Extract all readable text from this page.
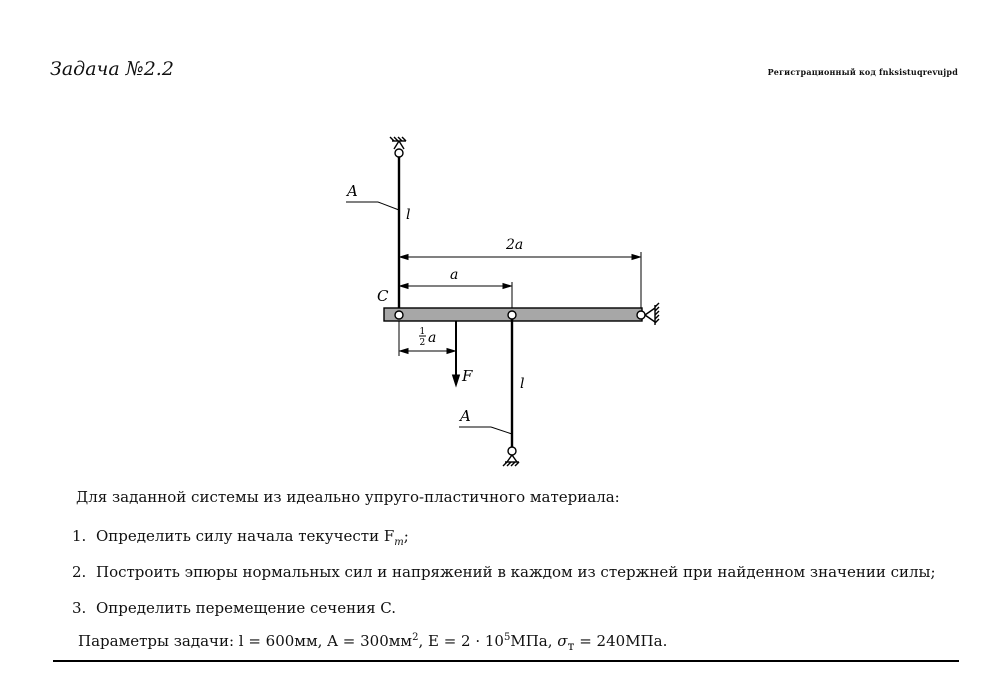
Задача №2.2	Регистрационный код fnksistuqrevujpd
A
l
2a
a
C
F
1
2 a
l
A
Для заданной системы из идеально упруго-пластичного материала:
1. Определить силу начала текучести $F_т$;
2. Построить эпюры нормальных сил и напряжений в каждом из стержней при найденном значении силы;
3. Определить перемещение сечения C.
Параметры задачи: l = 600мм, $A = 300мм^2$, $E = 2 \cdot 10^5МПа$, $\sigma_т = 240МПа$.
